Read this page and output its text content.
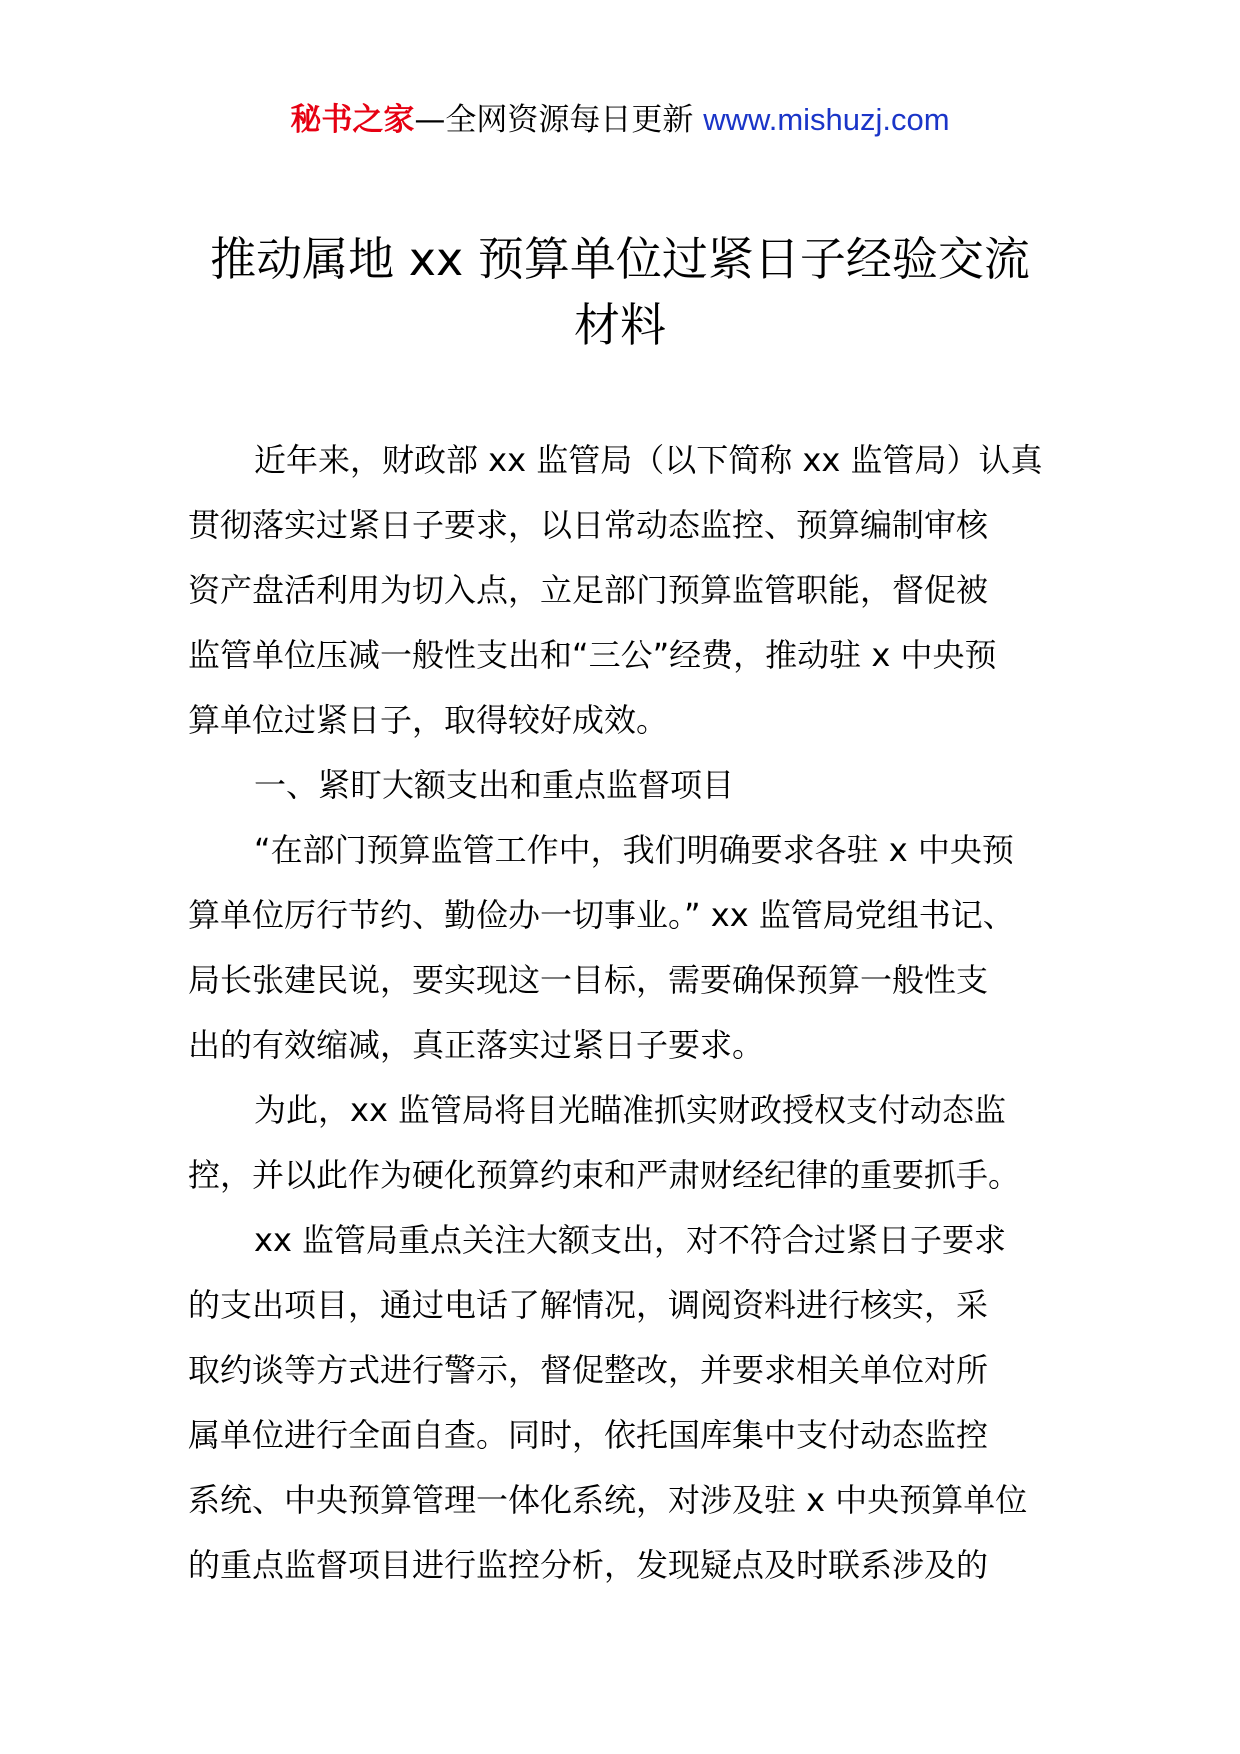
秘书之家—全网资源每日更新 www.mishuzj.com
推动属地 xx 预算单位过紧日子经验交流
材料
近年来，财政部 xx 监管局（以下简称 xx 监管局）认真
贯彻落实过紧日子要求，以日常动态监控、预算编制审核
资产盘活利用为切入点，立足部门预算监管职能，督促被
监管单位压减一般性支出和“三公”经费，推动驻 x 中央预
算单位过紧日子，取得较好成效。
一、紧盯大额支出和重点监督项目
“在部门预算监管工作中，我们明确要求各驻 x 中央预
算单位厉行节约、勤俭办一切事业。” xx 监管局党组书记、
局长张建民说，要实现这一目标，需要确保预算一般性支
出的有效缩减，真正落实过紧日子要求。
为此，xx 监管局将目光瞄准抓实财政授权支付动态监
控，并以此作为硬化预算约束和严肃财经纪律的重要抓手。
xx 监管局重点关注大额支出，对不符合过紧日子要求
的支出项目，通过电话了解情况，调阅资料进行核实，采
取约谈等方式进行警示，督促整改，并要求相关单位对所
属单位进行全面自查。同时，依托国库集中支付动态监控
系统、中央预算管理一体化系统，对涉及驻 x 中央预算单位
的重点监督项目进行监控分析，发现疑点及时联系涉及的
